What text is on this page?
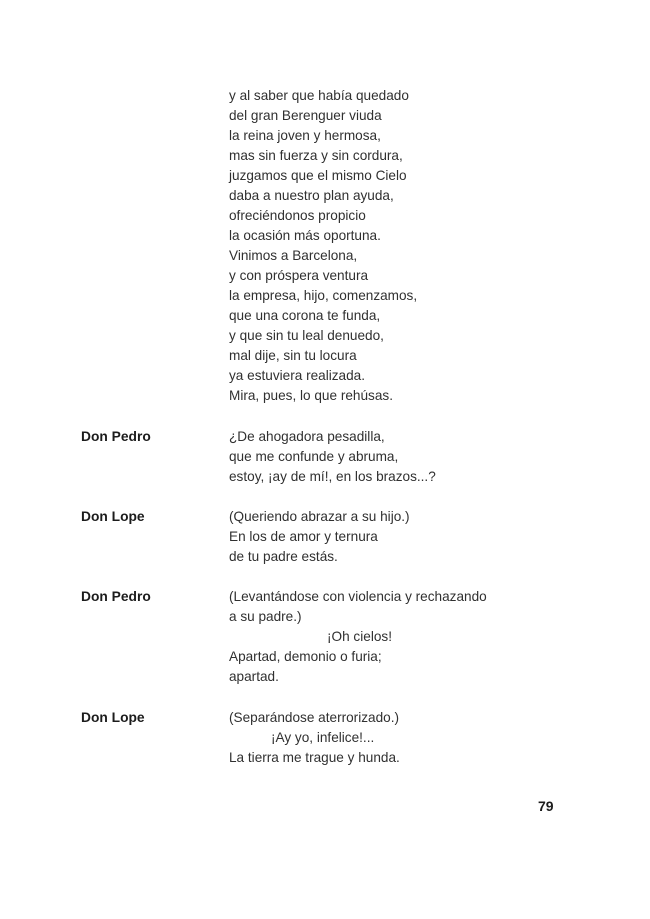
y al saber que había quedado
del gran Berenguer viuda
la reina joven y hermosa,
mas sin fuerza y sin cordura,
juzgamos que el mismo Cielo
daba a nuestro plan ayuda,
ofreciéndonos propicio
la ocasión más oportuna.
Vinimos a Barcelona,
y con próspera ventura
la empresa, hijo, comenzamos,
que una corona te funda,
y que sin tu leal denuedo,
mal dije, sin tu locura
ya estuviera realizada.
Mira, pues, lo que rehúsas.
Don Pedro	¿De ahogadora pesadilla,
que me confunde y abruma,
estoy, ¡ay de mí!, en los brazos...?
Don Lope	(Queriendo abrazar a su hijo.)
En los de amor y ternura
de tu padre estás.
Don Pedro	(Levantándose con violencia y rechazando
a su padre.)
¡Oh cielos!
Apartad, demonio o furia;
apartad.
Don Lope	(Separándose aterrorizado.)
¡Ay yo, infelice!...
La tierra me trague y hunda.
79
